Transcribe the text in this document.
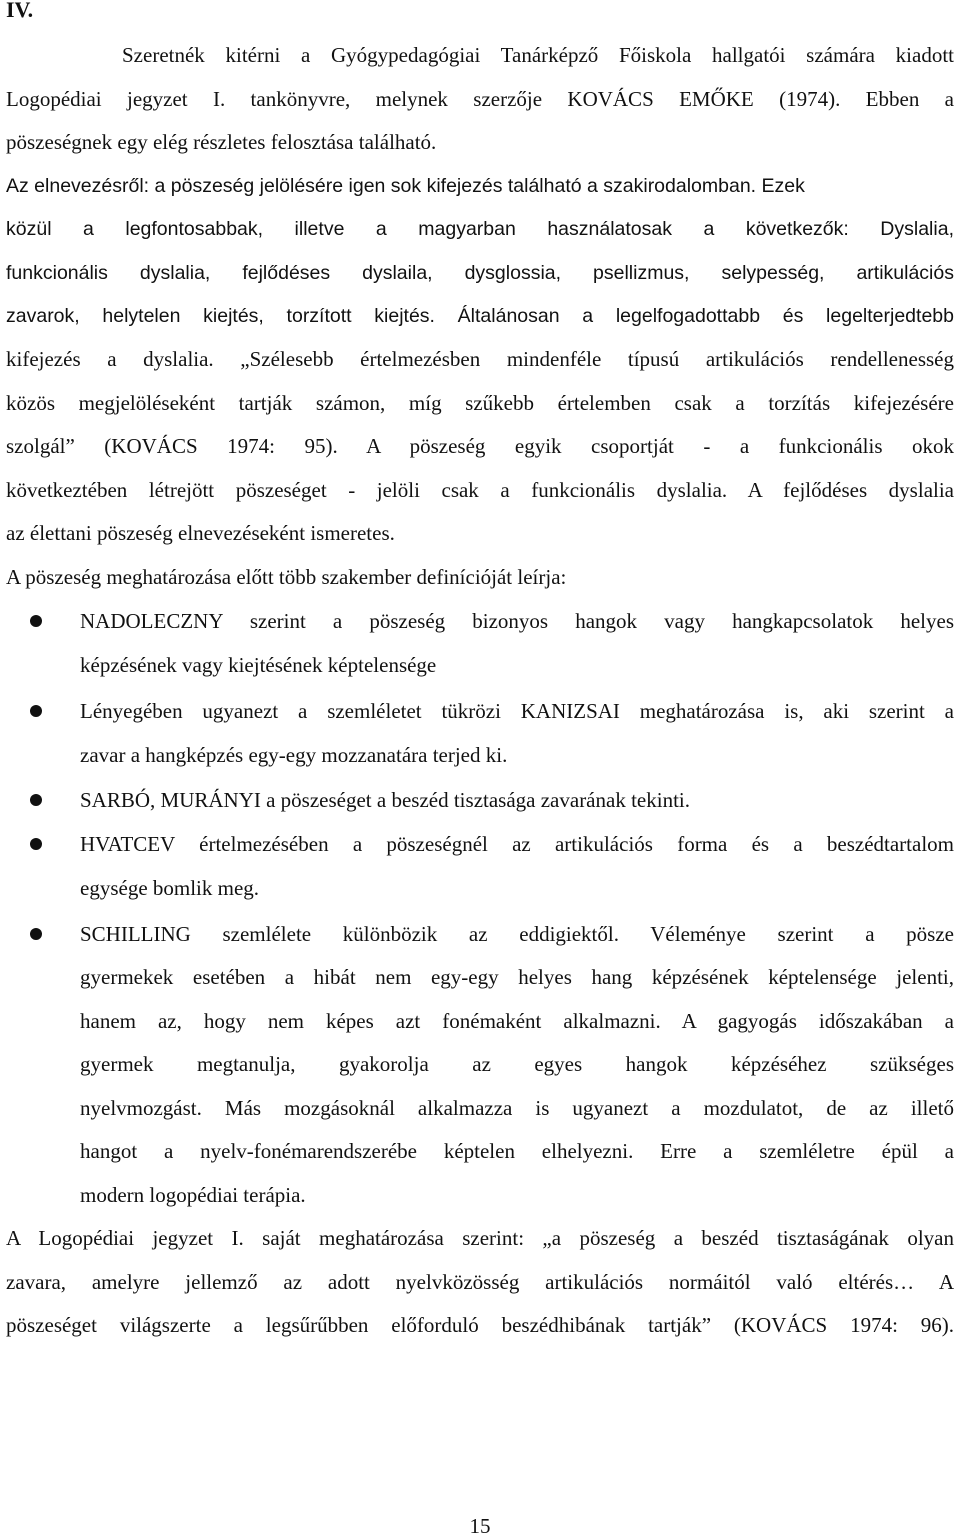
IV.
Szeretnék kitérni a Gyógypedagógiai Tanárképző Főiskola hallgatói számára kiadott
Logopédiai jegyzet I. tankönyvre, melynek szerzője KOVÁCS EMŐKE (1974). Ebben a
pöszeségnek egy elég részletes felosztása található.
Az elnevezésről: a pöszeség jelölésére igen sok kifejezés található a szakirodalomban. Ezek
közül a legfontosabbak, illetve a magyarban használatosak a következők: Dyslalia,
funkcionális dyslalia, fejlődéses dyslaila, dysglossia, psellizmus, selypesség, artikulációs
zavarok, helytelen kiejtés, torzított kiejtés. Általánosan a legelfogadottabb és legelterjedtebb
kifejezés a dyslalia. „Szélesebb értelmezésben mindenféle típusú artikulációs rendellenesség
közös megjelöléseként tartják számon, míg szűkebb értelemben csak a torzítás kifejezésére
szolgál” (KOVÁCS 1974: 95). A pöszeség egyik csoportját - a funkcionális okok
következtében létrejött pöszeséget - jelöli csak a funkcionális dyslalia. A fejlődéses dyslalia
az élettani pöszeség elnevezéseként ismeretes.
A pöszeség meghatározása előtt több szakember definícióját leírja:
NADOLECZNY szerint a pöszeség bizonyos hangok vagy hangkapcsolatok helyes
képzésének vagy kiejtésének képtelensége
Lényegében ugyanezt a szemléletet tükrözi KANIZSAI meghatározása is, aki szerint a
zavar a hangképzés egy-egy mozzanatára terjed ki.
SARBÓ, MURÁNYI a pöszeséget a beszéd tisztasága zavarának tekinti.
HVATCEV értelmezésében a pöszeségnél az artikulációs forma és a beszédtartalom
egysége bomlik meg.
SCHILLING szemlélete különbözik az eddigiektől. Véleménye szerint a pösze
gyermekek esetében a hibát nem egy-egy helyes hang képzésének képtelensége jelenti,
hanem az, hogy nem képes azt fonémaként alkalmazni. A gagyogás időszakában a
gyermek megtanulja, gyakorolja az egyes hangok képzéséhez szükséges
nyelvmozgást. Más mozgásoknál alkalmazza is ugyanezt a mozdulatot, de az illető
hangot a nyelv-fonémarendszerébe képtelen elhelyezni. Erre a szemléletre épül a
modern logopédiai terápia.
A Logopédiai jegyzet I. saját meghatározása szerint: „a pöszeség a beszéd tisztaságának olyan
zavara, amelyre jellemző az adott nyelvközösség artikulációs normáitól való eltérés… A
pöszeséget világszerte a legsűrűbben előforduló beszédhibának tartják” (KOVÁCS 1974: 96).
15
